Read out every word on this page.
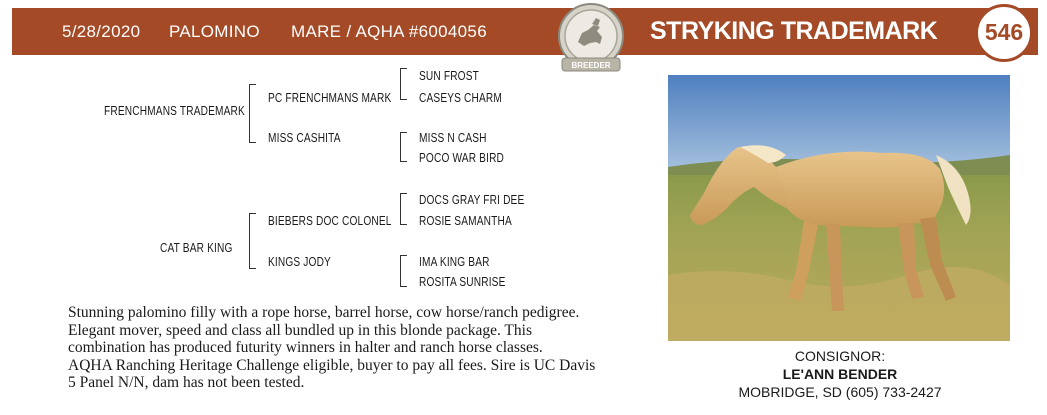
5/28/2020 PALOMINO MARE / AQHA #6004056	STRYKING TRADEMARK
BREEDER
546
FRENCHMANS TRADEMARK
PC FRENCHMANS MARK
SUN FROST
CASEYS CHARM
MISS CASHITA	MISS N CASH
POCO WAR BIRD
CAT BAR KING
BIEBERS DOC COLONEL
DOCS GRAY FRI DEE
ROSIE SAMANTHA
KINGS JODY	IMA KING BAR
ROSITA SUNRISE

Stunning palomino filly with a rope horse, barrel horse, cow horse/ranch pedigree.

Elegant mover, speed and class all bundled up in this blonde package. This

combination has produced futurity winners in halter and ranch horse classes.

AQHA Ranching Heritage Challenge eligible, buyer to pay all fees. Sire is UC Davis

5 Panel N/N, dam has not been tested.

CONSIGNOR:
LE'ANN BENDER
MOBRIDGE, SD (605) 733-2427
